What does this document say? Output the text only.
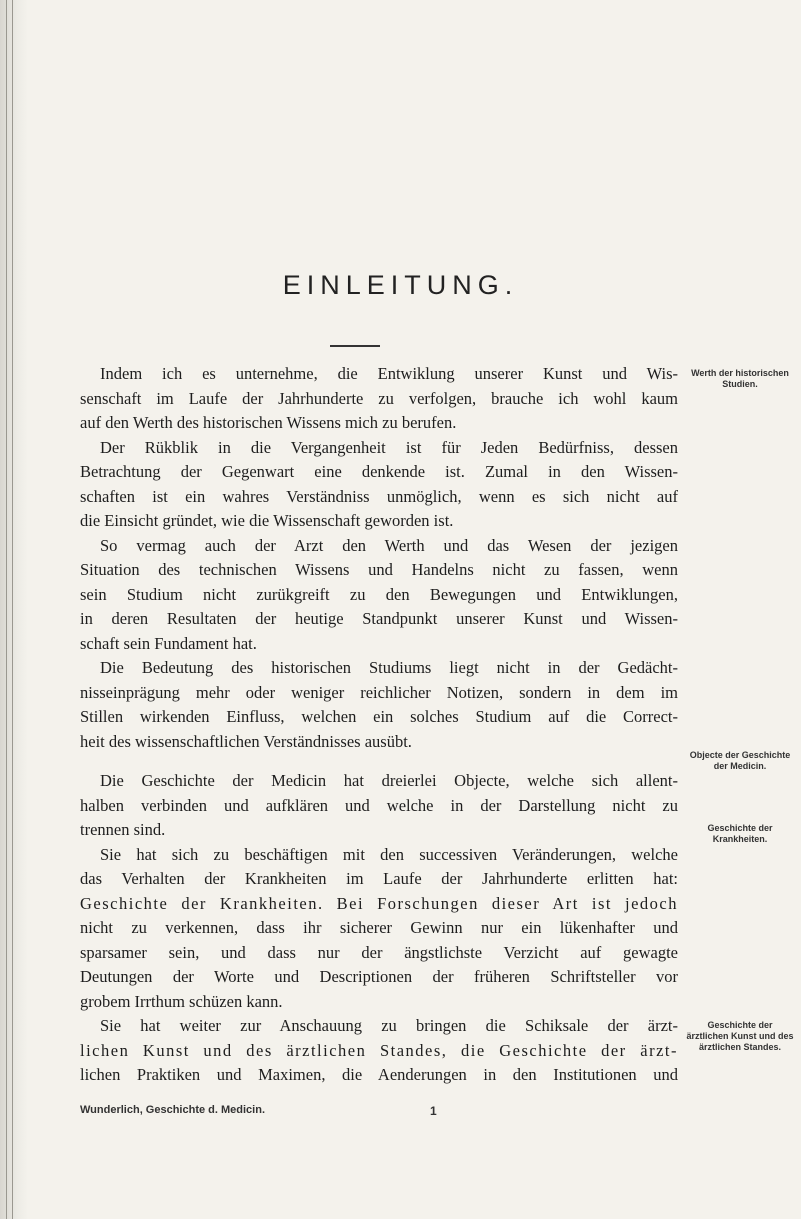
EINLEITUNG.
Indem ich es unternehme, die Entwiklung unserer Kunst und Wis-
senschaft im Laufe der Jahrhunderte zu verfolgen, brauche ich wohl kaum
auf den Werth des historischen Wissens mich zu berufen.
Der Rükblik in die Vergangenheit ist für Jeden Bedürfniss, dessen
Betrachtung der Gegenwart eine denkende ist. Zumal in den Wissen-
schaften ist ein wahres Verständniss unmöglich, wenn es sich nicht auf
die Einsicht gründet, wie die Wissenschaft geworden ist.
So vermag auch der Arzt den Werth und das Wesen der jezigen
Situation des technischen Wissens und Handelns nicht zu fassen, wenn
sein Studium nicht zurükgreift zu den Bewegungen und Entwiklungen,
in deren Resultaten der heutige Standpunkt unserer Kunst und Wissen-
schaft sein Fundament hat.
Die Bedeutung des historischen Studiums liegt nicht in der Gedächt-
nisseinprägung mehr oder weniger reichlicher Notizen, sondern in dem im
Stillen wirkenden Einfluss, welchen ein solches Studium auf die Correct-
heit des wissenschaftlichen Verständnisses ausübt.
Die Geschichte der Medicin hat dreierlei Objecte, welche sich allent-
halben verbinden und aufklären und welche in der Darstellung nicht zu
trennen sind.
Sie hat sich zu beschäftigen mit den successiven Veränderungen, welche
das Verhalten der Krankheiten im Laufe der Jahrhunderte erlitten hat:
Geschichte der Krankheiten. Bei Forschungen dieser Art ist jedoch
nicht zu verkennen, dass ihr sicherer Gewinn nur ein lükenhafter und
sparsamer sein, und dass nur der ängstlichste Verzicht auf gewagte
Deutungen der Worte und Descriptionen der früheren Schriftsteller vor
grobem Irrthum schüzen kann.
Sie hat weiter zur Anschauung zu bringen die Schiksale der ärzt-
lichen Kunst und des ärztlichen Standes, die Geschichte der ärzt-
lichen Praktiken und Maximen, die Aenderungen in den Institutionen und
Werth der historischen Studien.
Objecte der Geschichte der Medicin.
Geschichte der Krankheiten.
Geschichte der ärztlichen Kunst und des ärztlichen Standes.
Wunderlich, Geschichte d. Medicin.	1
